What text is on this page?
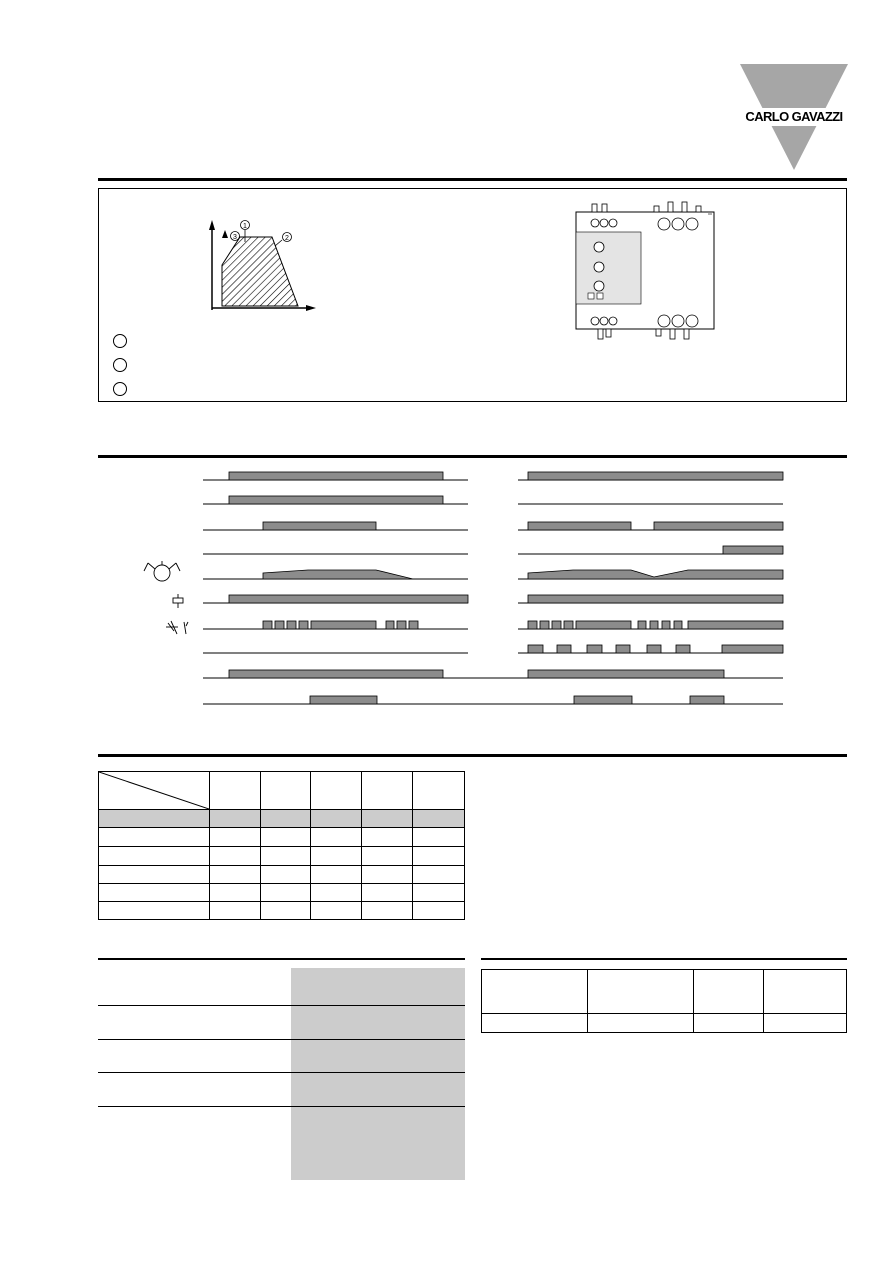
CARLO GAVAZZI
1
3	2
